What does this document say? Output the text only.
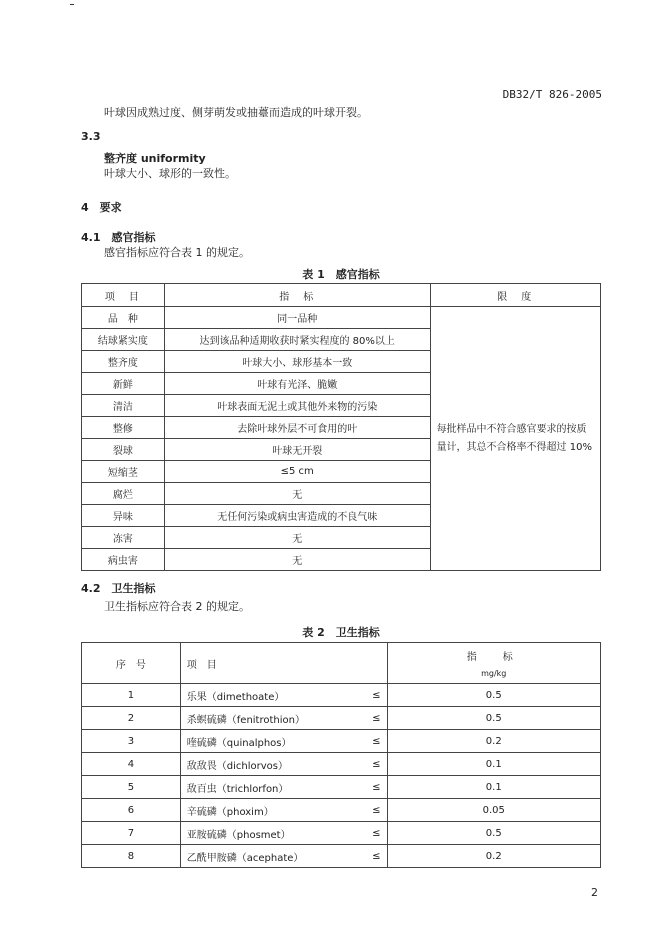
DB32/T 826-2005
叶球因成熟过度、侧芽萌发或抽薹而造成的叶球开裂。
3.3
整齐度 uniformity
叶球大小、球形的一致性。
4　要求
4.1　感官指标
感官指标应符合表 1 的规定。
表 1　感官指标
项　目	指　标	限　度
品　种	同一品种	每批样品中不符合感官要求的按质量计，其总不合格率不得超过 10%
结球紧实度	达到该品种适期收获时紧实程度的 80%以上	
整齐度	叶球大小、球形基本一致	
新鲜	叶球有光泽、脆嫩	
清洁	叶球表面无泥土或其他外来物的污染	
整修	去除叶球外层不可食用的叶	
裂球	叶球无开裂	
短缩茎	≤5 cm	
腐烂	无	
异味	无任何污染或病虫害造成的不良气味	
冻害	无	
病虫害	无	
4.2　卫生指标
卫生指标应符合表 2 的规定。
表 2　卫生指标
序　号	项　目		指　标
mg/kg

1	乐果（dimethoate）	≤	0.5
2	杀螟硫磷（fenitrothion）	≤	0.5
3	喹硫磷（quinalphos）	≤	0.2
4	敌敌畏（dichlorvos）	≤	0.1
5	敌百虫（trichlorfon）	≤	0.1
6	辛硫磷（phoxim）	≤	0.05
7	亚胺硫磷（phosmet）	≤	0.5
8	乙酰甲胺磷（acephate）	≤	0.2
2
